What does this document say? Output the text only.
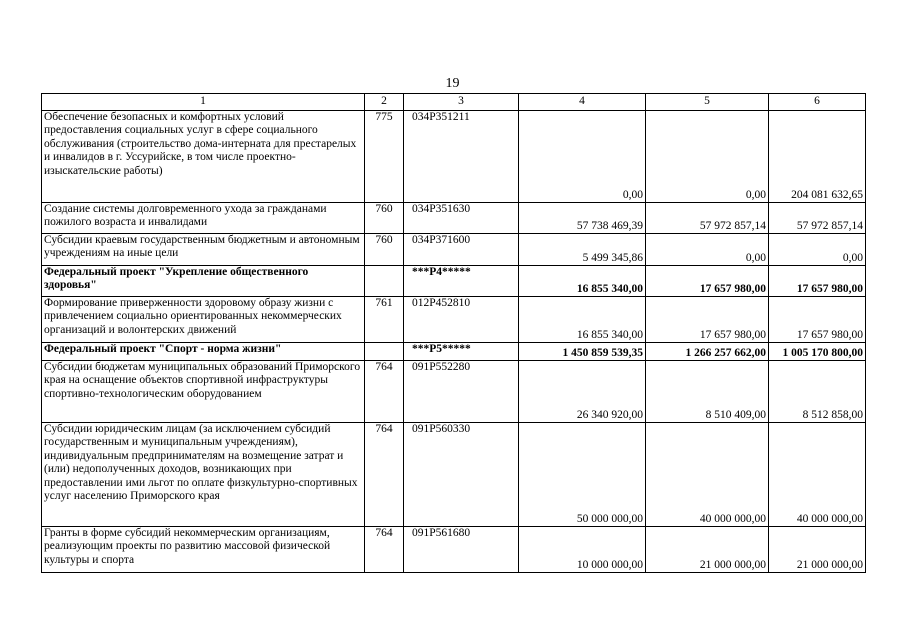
19
1	2	3	4	5	6
Обеспечение безопасных и комфортных условий предоставления социальных услуг в сфере социального обслуживания (строительство дома-интерната для престарелых и инвалидов в г. Уссурийске, в том числе проектно-изыскательские работы)	775	034P351211	0,00	0,00	204 081 632,65
Создание системы долговременного ухода за гражданами пожилого возраста и инвалидами	760	034P351630	57 738 469,39	57 972 857,14	57 972 857,14
Субсидии краевым государственным бюджетным и автономным учреждениям на иные цели	760	034P371600	5 499 345,86	0,00	0,00
Федеральный проект "Укрепление общественного здоровья"		***P4*****	16 855 340,00	17 657 980,00	17 657 980,00
Формирование приверженности здоровому образу жизни с привлечением социально ориентированных некоммерческих организаций и волонтерских движений	761	012P452810	16 855 340,00	17 657 980,00	17 657 980,00
Федеральный проект "Спорт - норма жизни"		***P5*****	1 450 859 539,35	1 266 257 662,00	1 005 170 800,00
Субсидии бюджетам муниципальных образований Приморского края на оснащение объектов спортивной инфраструктуры спортивно-технологическим оборудованием	764	091P552280	26 340 920,00	8 510 409,00	8 512 858,00
Субсидии юридическим лицам (за исключением субсидий государственным и муниципальным учреждениям), индивидуальным предпринимателям на возмещение затрат и (или) недополученных доходов, возникающих при предоставлении ими льгот по оплате физкультурно-спортивных услуг населению Приморского края	764	091P560330	50 000 000,00	40 000 000,00	40 000 000,00
Гранты в форме субсидий некоммерческим организациям, реализующим проекты по развитию массовой физической культуры и спорта	764	091P561680	10 000 000,00	21 000 000,00	21 000 000,00
